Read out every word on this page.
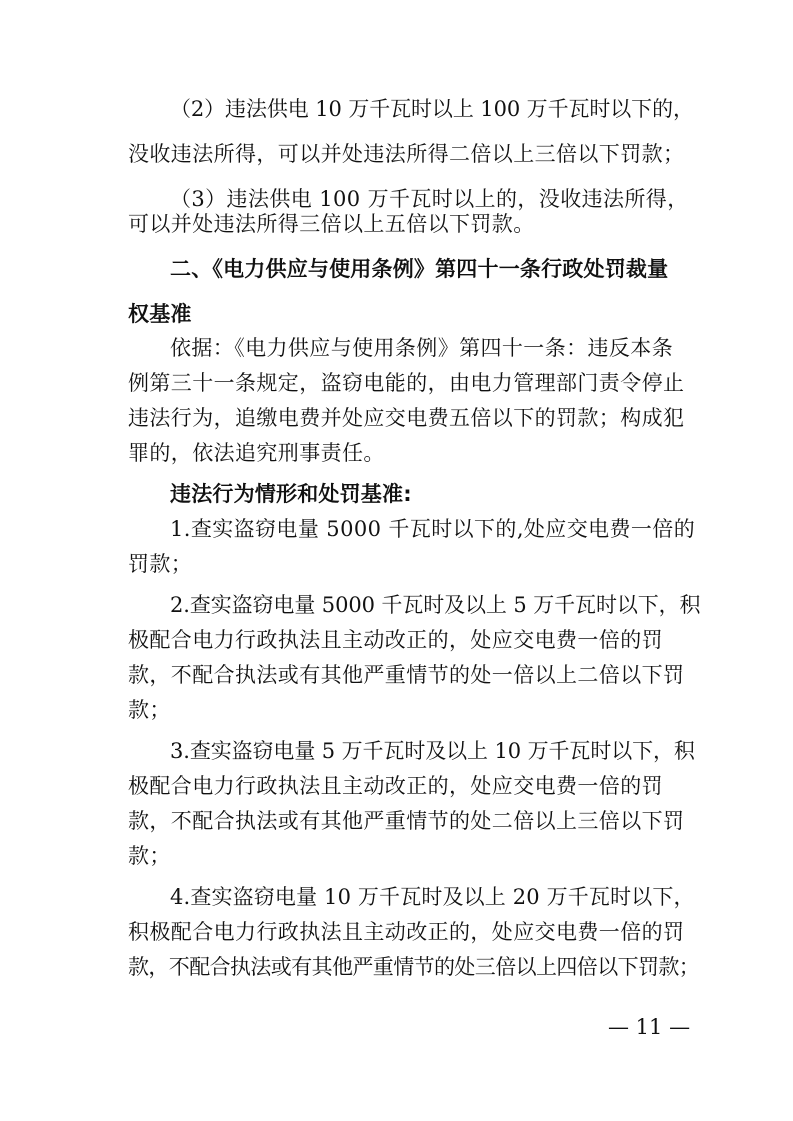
（2）违法供电 10 万千瓦时以上 100 万千瓦时以下的，
没收违法所得，可以并处违法所得二倍以上三倍以下罚款；
（3）违法供电 100 万千瓦时以上的，没收违法所得，
可以并处违法所得三倍以上五倍以下罚款。
二、《电力供应与使用条例》第四十一条行政处罚裁量
权基准
依据：《电力供应与使用条例》第四十一条：违反本条
例第三十一条规定，盗窃电能的，由电力管理部门责令停止
违法行为，追缴电费并处应交电费五倍以下的罚款；构成犯
罪的，依法追究刑事责任。
违法行为情形和处罚基准:
1.查实盗窃电量 5000 千瓦时以下的,处应交电费一倍的
罚款；
2.查实盗窃电量 5000 千瓦时及以上 5 万千瓦时以下，积
极配合电力行政执法且主动改正的，处应交电费一倍的罚
款，不配合执法或有其他严重情节的处一倍以上二倍以下罚
款；
3.查实盗窃电量 5 万千瓦时及以上 10 万千瓦时以下，积
极配合电力行政执法且主动改正的，处应交电费一倍的罚
款，不配合执法或有其他严重情节的处二倍以上三倍以下罚
款；
4.查实盗窃电量 10 万千瓦时及以上 20 万千瓦时以下，
积极配合电力行政执法且主动改正的，处应交电费一倍的罚
款，不配合执法或有其他严重情节的处三倍以上四倍以下罚款；
— 11 —
